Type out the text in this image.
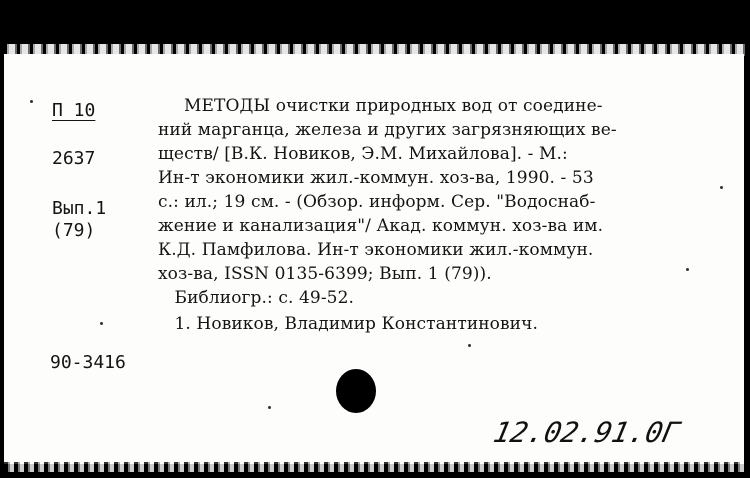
П 10
2637
Вып.1
(79)
90-3416
МЕТОДЫ очистки природных вод от соедине-
ний марганца, железа и других загрязняющих ве-
ществ/ [В.К. Новиков, Э.М. Михайлова]. - М.:
Ин-т экономики жил.-коммун. хоз-ва, 1990. - 53
с.: ил.; 19 см. - (Обзор. информ. Сер. "Водоснаб-
жение и канализация"/ Акад. коммун. хоз-ва им.
К.Д. Памфилова. Ин-т экономики жил.-коммун.
хоз-ва, ISSN 0135-6399; Вып. 1 (79)).
Библиогр.: с. 49-52.
1. Новиков, Владимир Константинович.
12.02.91.0Г
